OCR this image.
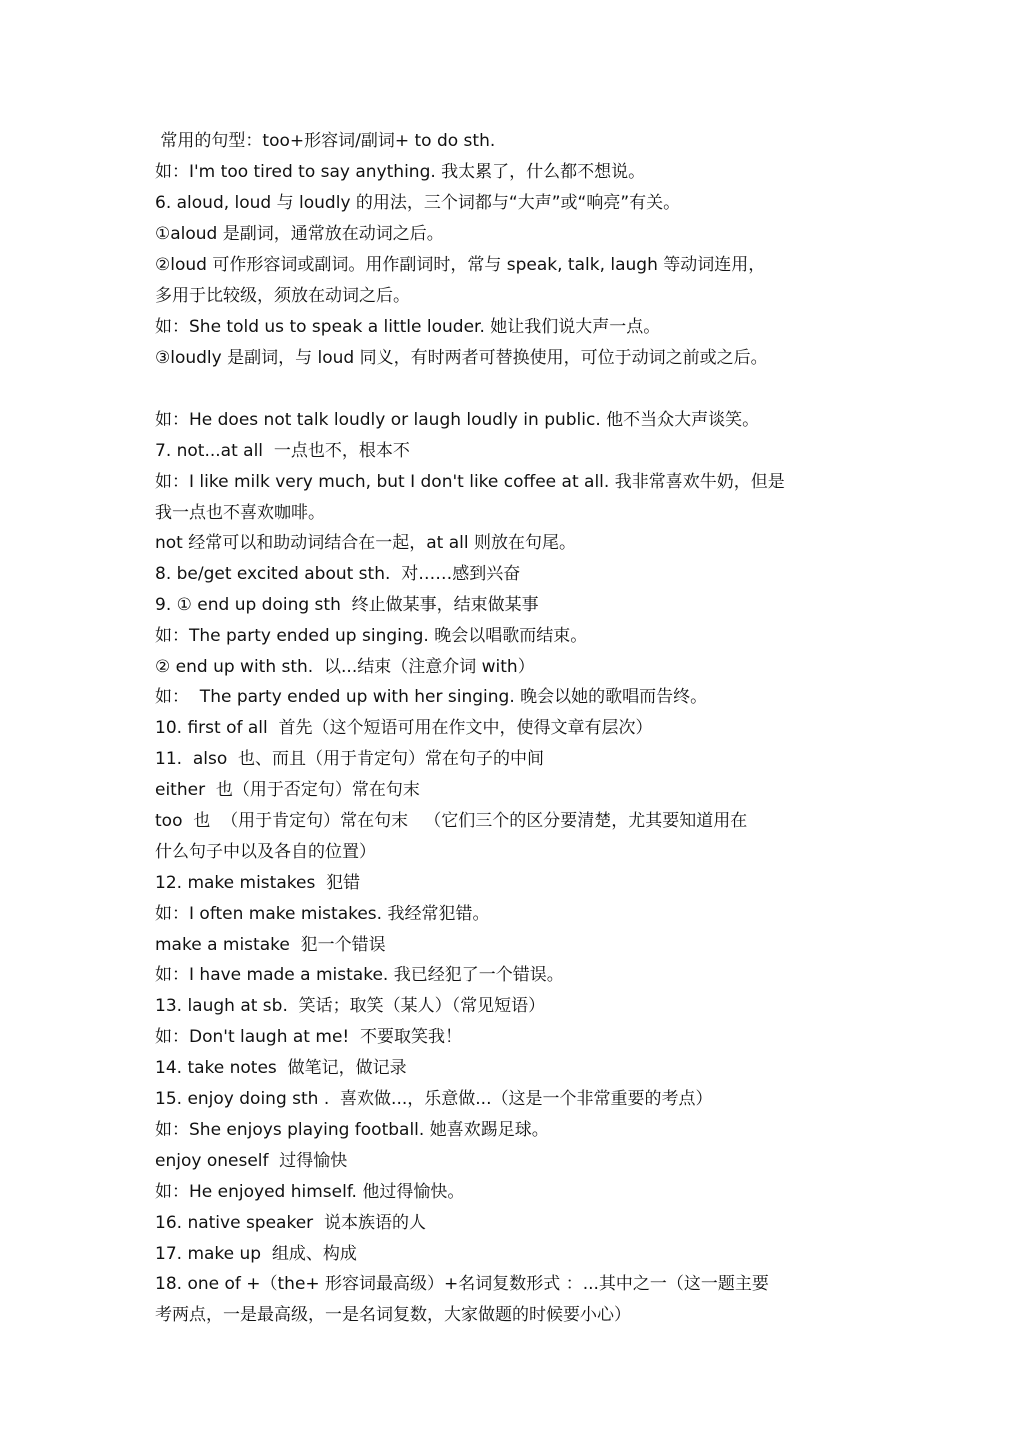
常用的句型：too+形容词/副词+ to do sth.
如：I'm too tired to say anything. 我太累了，什么都不想说。
6. aloud, loud 与 loudly 的用法，三个词都与“大声”或“响亮”有关。
①aloud 是副词，通常放在动词之后。
②loud 可作形容词或副词。用作副词时，常与 speak, talk, laugh 等动词连用，
多用于比较级，须放在动词之后。
如：She told us to speak a little louder. 她让我们说大声一点。
③loudly 是副词，与 loud 同义，有时两者可替换使用，可位于动词之前或之后。
如：He does not talk loudly or laugh loudly in public. 他不当众大声谈笑。
7. not...at all  一点也不，根本不
如：I like milk very much, but I don't like coffee at all. 我非常喜欢牛奶，但是
我一点也不喜欢咖啡。
not 经常可以和助动词结合在一起，at all 则放在句尾。
8. be/get excited about sth.  对……感到兴奋
9. ① end up doing sth  终止做某事，结束做某事
如：The party ended up singing. 晚会以唱歌而结束。
② end up with sth.  以...结束（注意介词 with）
如：  The party ended up with her singing. 晚会以她的歌唱而告终。
10. first of all  首先（这个短语可用在作文中，使得文章有层次）
11.  also  也、而且（用于肯定句）常在句子的中间
either  也（用于否定句）常在句末
too  也  （用于肯定句）常在句末   （它们三个的区分要清楚，尤其要知道用在
什么句子中以及各自的位置）
12. make mistakes  犯错
如：I often make mistakes. 我经常犯错。
make a mistake  犯一个错误
如：I have made a mistake. 我已经犯了一个错误。
13. laugh at sb.  笑话；取笑（某人）（常见短语）
如：Don't laugh at me!  不要取笑我！
14. take notes  做笔记，做记录
15. enjoy doing sth .  喜欢做...，乐意做...（这是一个非常重要的考点）
如：She enjoys playing football. 她喜欢踢足球。
enjoy oneself  过得愉快
如：He enjoyed himself. 他过得愉快。
16. native speaker  说本族语的人
17. make up  组成、构成
18. one of +（the+ 形容词最高级）+名词复数形式 ：...其中之一（这一题主要
考两点，一是最高级，一是名词复数，大家做题的时候要小心）
